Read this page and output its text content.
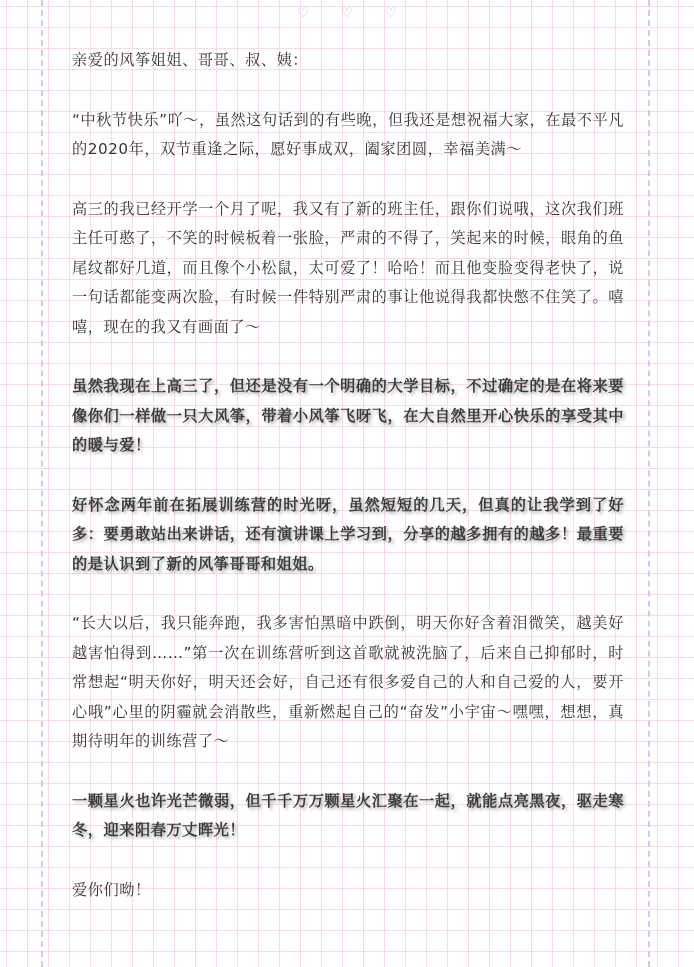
♡ ♡ ♡

亲爱的风筝姐姐、哥哥、叔、姨：

“中秋节快乐”吖～，虽然这句话到的有些晚，但我还是想祝福大家，在最不平凡的2020年，双节重逢之际，愿好事成双，阖家团圆，幸福美满～

高三的我已经开学一个月了呢，我又有了新的班主任，跟你们说哦，这次我们班主任可憨了，不笑的时候板着一张脸，严肃的不得了，笑起来的时候，眼角的鱼尾纹都好几道，而且像个小松鼠，太可爱了！哈哈！而且他变脸变得老快了，说一句话都能变两次脸，有时候一件特别严肃的事让他说得我都快憋不住笑了。嘻嘻，现在的我又有画面了～

虽然我现在上高三了，但还是没有一个明确的大学目标，不过确定的是在将来要像你们一样做一只大风筝，带着小风筝飞呀飞，在大自然里开心快乐的享受其中的暖与爱！

好怀念两年前在拓展训练营的时光呀，虽然短短的几天，但真的让我学到了好多：要勇敢站出来讲话，还有演讲课上学习到，分享的越多拥有的越多！最重要的是认识到了新的风筝哥哥和姐姐。

“长大以后，我只能奔跑，我多害怕黑暗中跌倒，明天你好含着泪微笑，越美好越害怕得到……”第一次在训练营听到这首歌就被洗脑了，后来自己抑郁时，时常想起“明天你好，明天还会好，自己还有很多爱自己的人和自己爱的人，要开心哦”心里的阴霾就会消散些，重新燃起自己的“奋发”小宇宙～嘿嘿，想想，真期待明年的训练营了～

一颗星火也许光芒微弱，但千千万万颗星火汇聚在一起，就能点亮黑夜，驱走寒冬，迎来阳春万丈晖光！

爱你们呦！
